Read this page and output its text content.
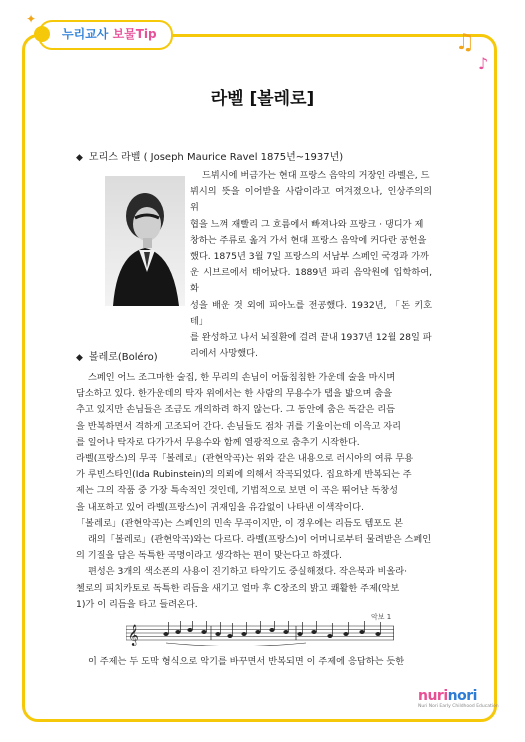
누리교사 보물Tip	♫
♪
✦
라벨 [볼레로]
◆ 모리스 라벨 ( Joseph Maurice Ravel 1875년~1937년)
드뷔시에 버금가는 현대 프랑스 음악의 거장인 라벨은, 드
뷔시의 뜻을 이어받을 사람이라고 여겨졌으나, 인상주의의 위
협을 느껴 재빨리 그 흐름에서 빠져나와 프랑크 · 댕디가 제
창하는 주류로 옮겨 가서 현대 프랑스 음악에 커다란 공헌을
했다. 1875년 3월 7일 프랑스의 서남부 스페인 국경과 가까
운 시브르에서 태어났다. 1889년 파리 음악원에 입학하여, 화
성을 배운 것 외에 피아노를 전공했다. 1932년, 「돈 키호테」
를 완성하고 나서 뇌질환에 걸려 끝내 1937년 12월 28일 파
리에서 사망했다.
◆ 볼레로(Boléro)
스페인 어느 조그마한 술집, 한 무리의 손님이 어둡침침한 가운데 술을 마시며
담소하고 있다. 한가운데의 탁자 위에서는 한 사람의 무용수가 탭을 밟으며 춤을
추고 있지만 손님들은 조금도 개의하려 하지 않는다. 그 동안에 춤은 독같은 리듬
을 반복하면서 격하게 고조되어 간다. 손님들도 점차 귀를 기울이는데 이윽고 자리
를 일어나 탁자로 다가가서 무용수와 함께 열광적으로 춤추기 시작한다.
라벨(프랑스)의 무곡「볼레로」(관현악곡)는 위와 같은 내용으로 러시아의 여류 무용
가 루빈스타인(Ida Rubinstein)의 의뢰에 의해서 작곡되었다. 집요하게 반복되는 주
제는 그의 작품 중 가장 특속적인 것인데, 기법적으로 보면 이 곡은 뛰어난 독창성
을 내포하고 있어 라벨(프랑스)이 귀재임을 유감없이 나타낸 이색작이다.
「볼레로」(관현악곡)는 스페인의 민속 무곡이지만, 이 경우에는 리듬도 템포도 본
래의「볼레로」(관현악곡)와는 다르다. 라벨(프랑스)이 어머니로부터 물려받은 스페인
의 기질을 담은 독특한 곡명이라고 생각하는 편이 맞는다고 하겠다.
편성은 3개의 색소폰의 사용이 진기하고 타악기도 중실해졌다. 작은북과 비올라·
첼로의 피치카토로 독특한 리듬을 새기고 얼마 후 C장조의 밝고 쾌활한 주제(악보
1)가 이 리듬을 타고 들려온다.
악보 1
𝄞
이 주제는 두 도막 형식으로 악기를 바꾸면서 반복되면 이 주제에 응답하는 듯한
nurinori
Nuri Nori Early Childhood Education
